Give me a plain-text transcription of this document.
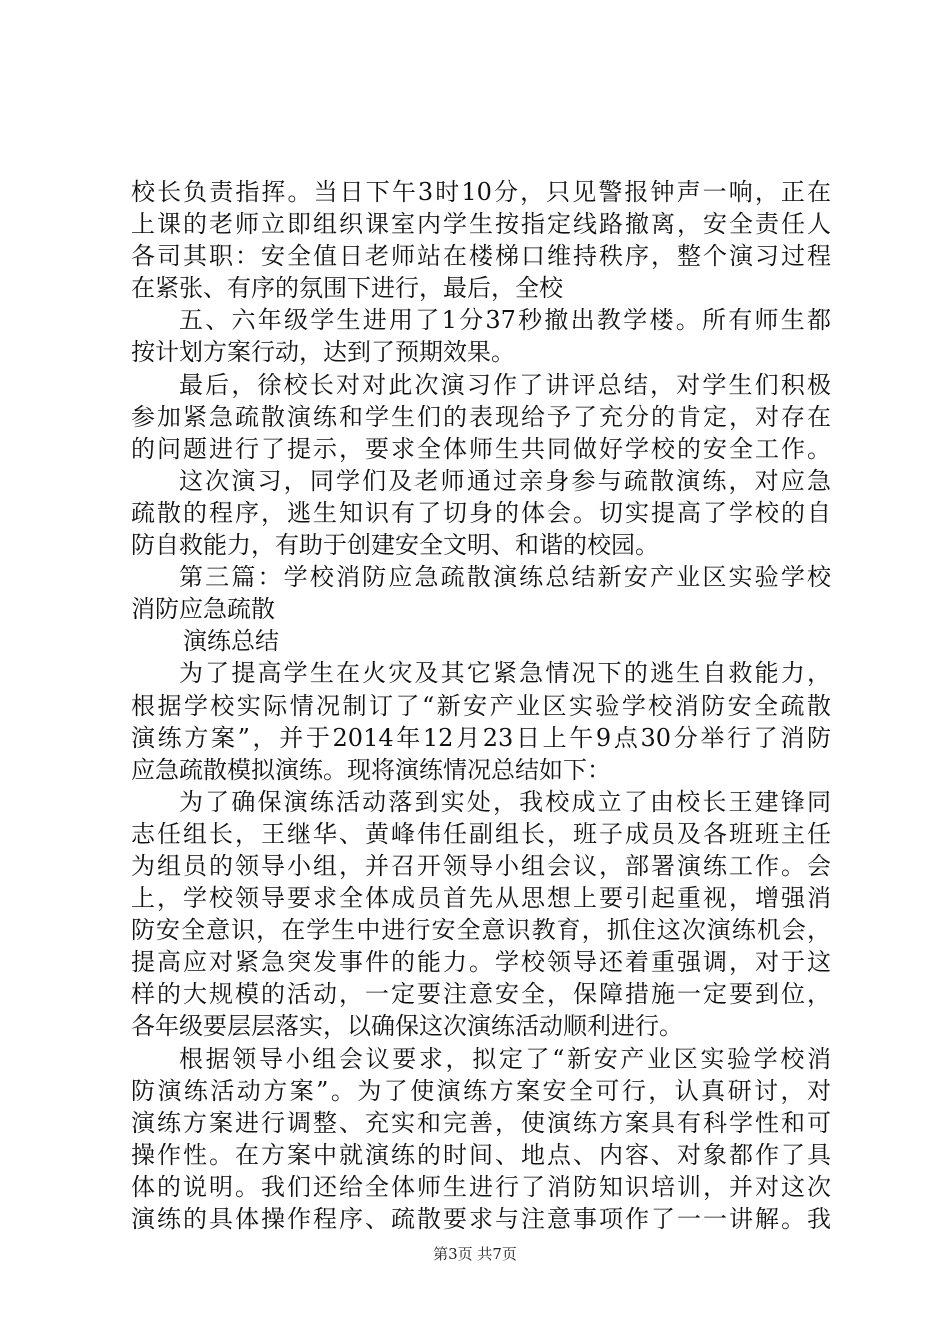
校长负责指挥。当日下午3时10分，只见警报钟声一响，正在
上课的老师立即组织课室内学生按指定线路撤离，安全责任人
各司其职：安全值日老师站在楼梯口维持秩序，整个演习过程
在紧张、有序的氛围下进行，最后，全校
五、六年级学生进用了1分37秒撤出教学楼。所有师生都
按计划方案行动，达到了预期效果。
最后，徐校长对对此次演习作了讲评总结，对学生们积极
参加紧急疏散演练和学生们的表现给予了充分的肯定，对存在
的问题进行了提示，要求全体师生共同做好学校的安全工作。
这次演习，同学们及老师通过亲身参与疏散演练，对应急
疏散的程序，逃生知识有了切身的体会。切实提高了学校的自
防自救能力，有助于创建安全文明、和谐的校园。
第三篇：学校消防应急疏散演练总结新安产业区实验学校
消防应急疏散
演练总结
为了提高学生在火灾及其它紧急情况下的逃生自救能力，
根据学校实际情况制订了“新安产业区实验学校消防安全疏散
演练方案”，并于2014年12月23日上午9点30分举行了消防
应急疏散模拟演练。现将演练情况总结如下：
为了确保演练活动落到实处，我校成立了由校长王建锋同
志任组长，王继华、黄峰伟任副组长，班子成员及各班班主任
为组员的领导小组，并召开领导小组会议，部署演练工作。会
上，学校领导要求全体成员首先从思想上要引起重视，增强消
防安全意识，在学生中进行安全意识教育，抓住这次演练机会，
提高应对紧急突发事件的能力。学校领导还着重强调，对于这
样的大规模的活动，一定要注意安全，保障措施一定要到位，
各年级要层层落实，以确保这次演练活动顺利进行。
根据领导小组会议要求，拟定了“新安产业区实验学校消
防演练活动方案”。为了使演练方案安全可行，认真研讨，对
演练方案进行调整、充实和完善，使演练方案具有科学性和可
操作性。在方案中就演练的时间、地点、内容、对象都作了具
体的说明。我们还给全体师生进行了消防知识培训，并对这次
演练的具体操作程序、疏散要求与注意事项作了一一讲解。我
第3页 共7页
